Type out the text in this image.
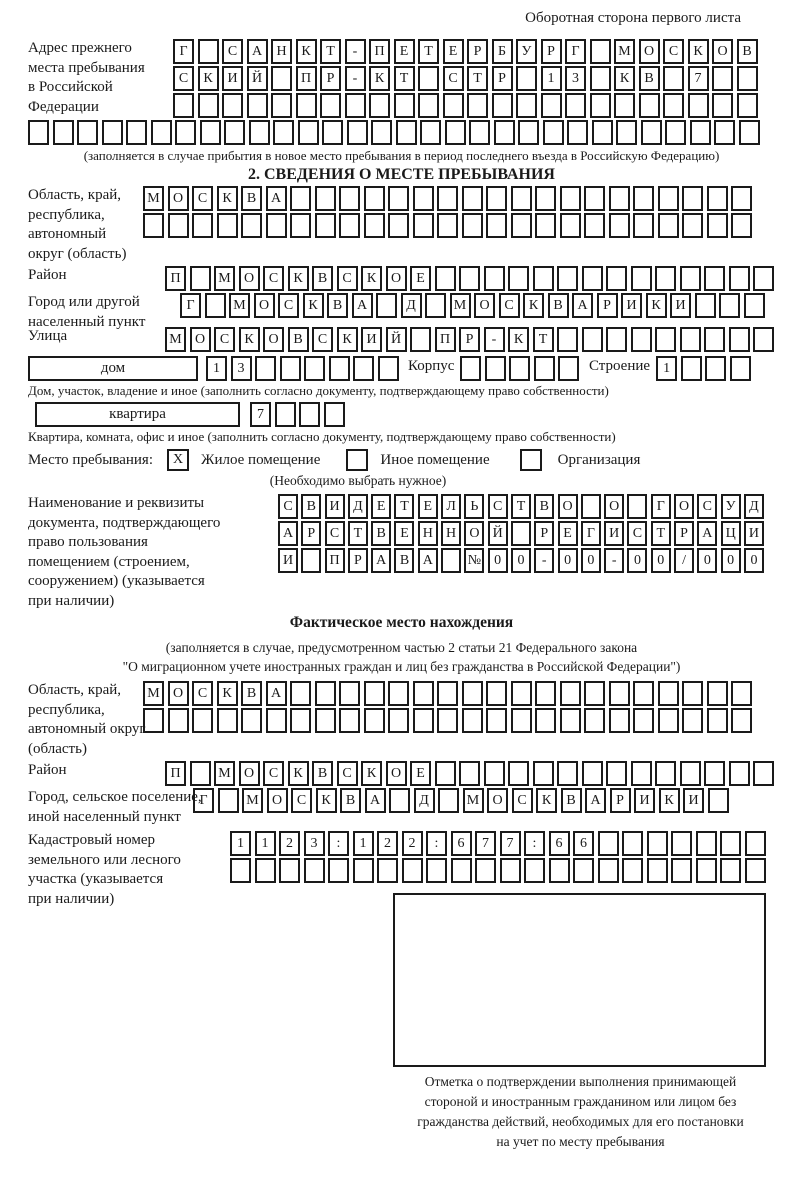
Оборотная сторона первого листа
Адрес прежнего
места пребывания
в Российской
Федерации
Г	С	А	Н	К	Т	-	П	Е	Т	Е	Р	Б	У	Р	Г	М О	С	К	О	В
С	К	И	Й	П	Р	-	К	Т	С	Т	Р	1	3	К	В	7
(заполняется в случае прибытия в новое место пребывания в период последнего въезда в Российскую Федерацию)
2. СВЕДЕНИЯ О МЕСТЕ ПРЕБЫВАНИЯ
Область, край,
республика,
автономный
округ (область)
М О	С	К	В	А
Район	П	М О	С	К	В	С	К	О	Е
Город или другой
населенный пункт
Г	М О	С	К	В	А	Д	М О	С	К	В	А	Р	И	К	И
Улица	М О	С	К	О	В	С	К	И	Й	П	Р	-	К	Т
дом	1	3	Корпус	Строение 1
Дом, участок, владение и иное (заполнить согласно документу, подтверждающему право собственности)
квартира	7
Квартира, комната, офис и иное (заполнить согласно документу, подтверждающему право собственности)
Место пребывания:	X	Жилое помещение	Иное помещение	Организация
(Необходимо выбрать нужное)
Наименование и реквизиты
документа, подтверждающего
право пользования
помещением (строением,
сооружением) (указывается
при наличии)
С В И Д	Е	Т	Е	Л	Ь	С	Т	В О	О	Г	О С У Д
А	Р	С	Т	В	Е Н Н О Й	Р	Е	Г	И С	Т	Р	А Ц И
И	П	Р	А В А	№ 0	0	-	0	0	-	0	0	/	0	0	0
Фактическое место нахождения
(заполняется в случае, предусмотренном частью 2 статьи 21 Федерального закона
"О миграционном учете иностранных граждан и лиц без гражданства в Российской Федерации")
Область, край,
республика,
автономный округ
(область)
М О	С	К	В	А
Район	П	М О	С	К	В	С	К	О	Е
Город, сельское поселение,
иной населенный пункт
Г	М О	С	К	В	А	Д	М О	С	К	В	А	Р	И	К	И
Кадастровый номер
земельного или лесного
участка (указывается
при наличии)
1	1	2	3	:	1	2	2	:	6	7	7	:	6	6
Отметка о подтверждении выполнения принимающей
стороной и иностранным гражданином или лицом без
гражданства действий, необходимых для его постановки
на учет по месту пребывания
